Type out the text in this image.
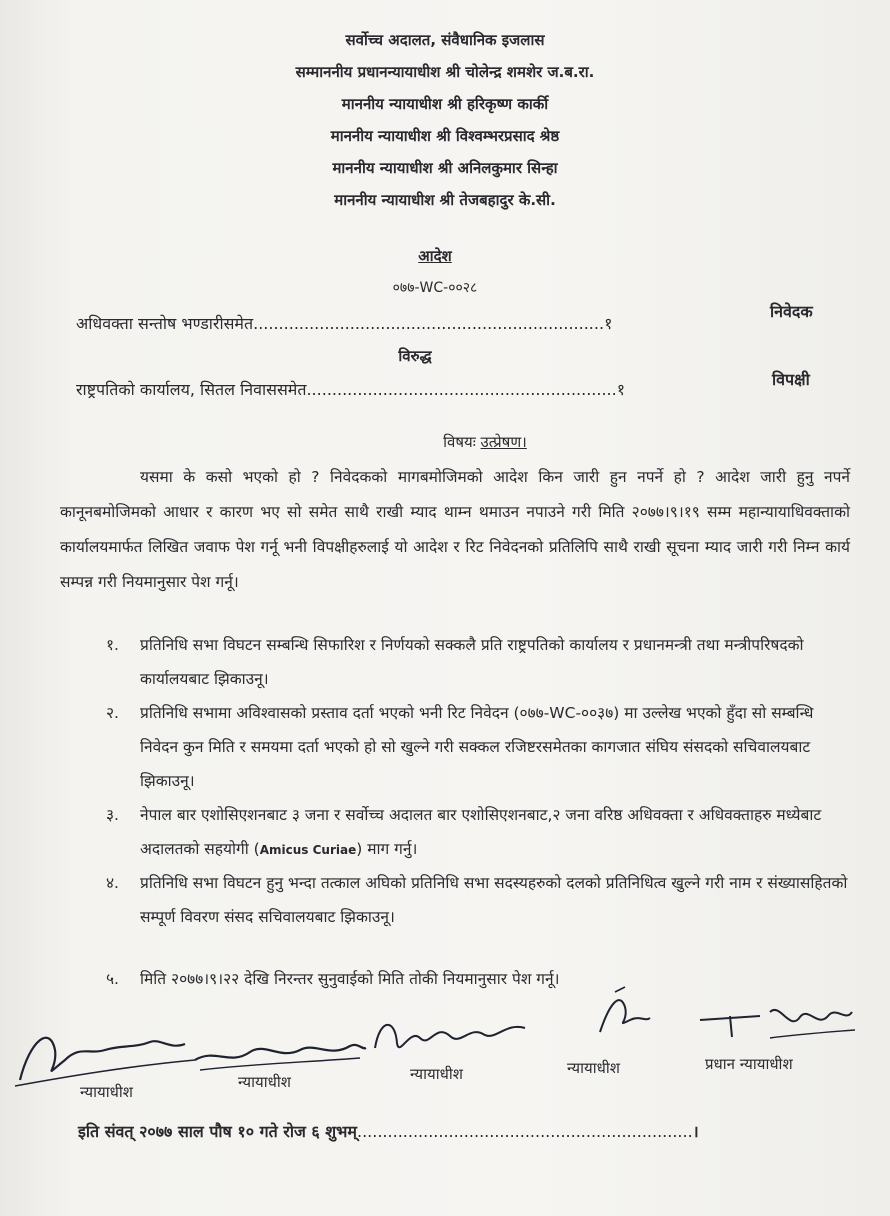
सर्वोच्च अदालत, संवैधानिक इजलास
सम्माननीय प्रधानन्यायाधीश श्री चोलेन्द्र शमशेर ज.ब.रा.
माननीय न्यायाधीश श्री हरिकृष्ण कार्की
माननीय न्यायाधीश श्री विश्वम्भरप्रसाद श्रेष्ठ
माननीय न्यायाधीश श्री अनिलकुमार सिन्हा
माननीय न्यायाधीश श्री तेजबहादुर के.सी.
आदेश
०७७-WC-००२८
अधिवक्ता सन्तोष भण्डारीसमेत.....................................................................१
निवेदक
विरुद्ध
राष्ट्रपतिको कार्यालय, सितल निवाससमेत.............................................................१
विपक्षी
विषयः उत्प्रेषण।
यसमा के कसो भएको हो ? निवेदकको मागबमोजिमको आदेश किन जारी हुन नपर्ने हो ? आदेश जारी हुनु नपर्ने कानूनबमोजिमको आधार र कारण भए सो समेत साथै राखी म्याद थाम्न थमाउन नपाउने गरी मिति २०७७।९।१९ सम्म महान्यायाधिवक्ताको कार्यालयमार्फत लिखित जवाफ पेश गर्नू भनी विपक्षीहरुलाई यो आदेश र रिट निवेदनको प्रतिलिपि साथै राखी सूचना म्याद जारी गरी निम्न कार्य सम्पन्न गरी नियमानुसार पेश गर्नू।
१. प्रतिनिधि सभा विघटन सम्बन्धि सिफारिश र निर्णयको सक्कलै प्रति राष्ट्रपतिको कार्यालय र प्रधानमन्त्री तथा मन्त्रीपरिषदको कार्यालयबाट झिकाउनू।
२. प्रतिनिधि सभामा अविश्वासको प्रस्ताव दर्ता भएको भनी रिट निवेदन (०७७-WC-००३७) मा उल्लेख भएको हुँदा सो सम्बन्धि निवेदन कुन मिति र समयमा दर्ता भएको हो सो खुल्ने गरी सक्कल रजिष्टरसमेतका कागजात संघिय संसदको सचिवालयबाट झिकाउनू।
३. नेपाल बार एशोसिएशनबाट ३ जना र सर्वोच्च अदालत बार एशोसिएशनबाट,२ जना वरिष्ठ अधिवक्ता र अधिवक्ताहरु मध्येबाट अदालतको सहयोगी (Amicus Curiae) माग गर्नु।
४. प्रतिनिधि सभा विघटन हुनु भन्दा तत्काल अघिको प्रतिनिधि सभा सदस्यहरुको दलको प्रतिनिधित्व खुल्ने गरी नाम र संख्यासहितको सम्पूर्ण विवरण संसद सचिवालयबाट झिकाउनू।
५. मिति २०७७।९।२२ देखि निरन्तर सुनुवाईको मिति तोकी नियमानुसार पेश गर्नू।
न्यायाधीश
न्यायाधीश	न्यायाधीश	न्यायाधीश	प्रधान न्यायाधीश
इति संवत् २०७७ साल पौष १० गते रोज ६ शुभम्..................................................................।
